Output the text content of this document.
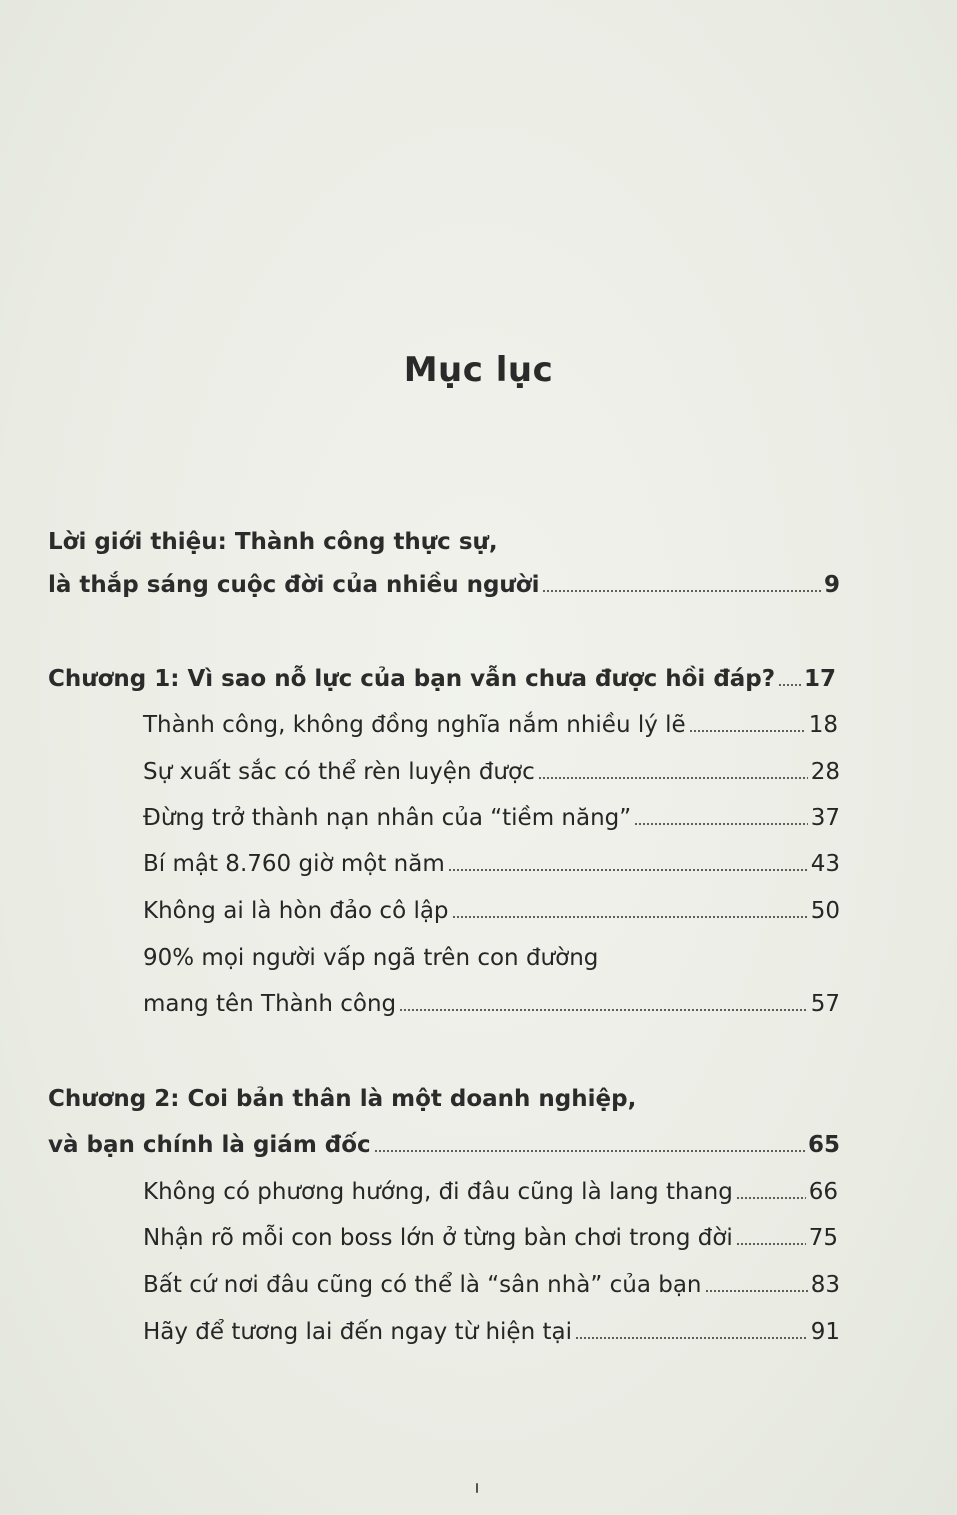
Mục lục
Lời giới thiệu: Thành công thực sự,
là thắp sáng cuộc đời của nhiều người	9
Chương 1: Vì sao nỗ lực của bạn vẫn chưa được hồi đáp? 17
Thành công, không đồng nghĩa nắm nhiều lý lẽ	18
Sự xuất sắc có thể rèn luyện được	28
Đừng trở thành nạn nhân của “tiềm năng”	37
Bí mật 8.760 giờ một năm	43
Không ai là hòn đảo cô lập	50
90% mọi người vấp ngã trên con đường
mang tên Thành công	57
Chương 2: Coi bản thân là một doanh nghiệp,
và bạn chính là giám đốc	65
Không có phương hướng, đi đâu cũng là lang thang	66
Nhận rõ mỗi con boss lớn ở từng bàn chơi trong đời	75
Bất cứ nơi đâu cũng có thể là “sân nhà” của bạn	83
Hãy để tương lai đến ngay từ hiện tại	91
